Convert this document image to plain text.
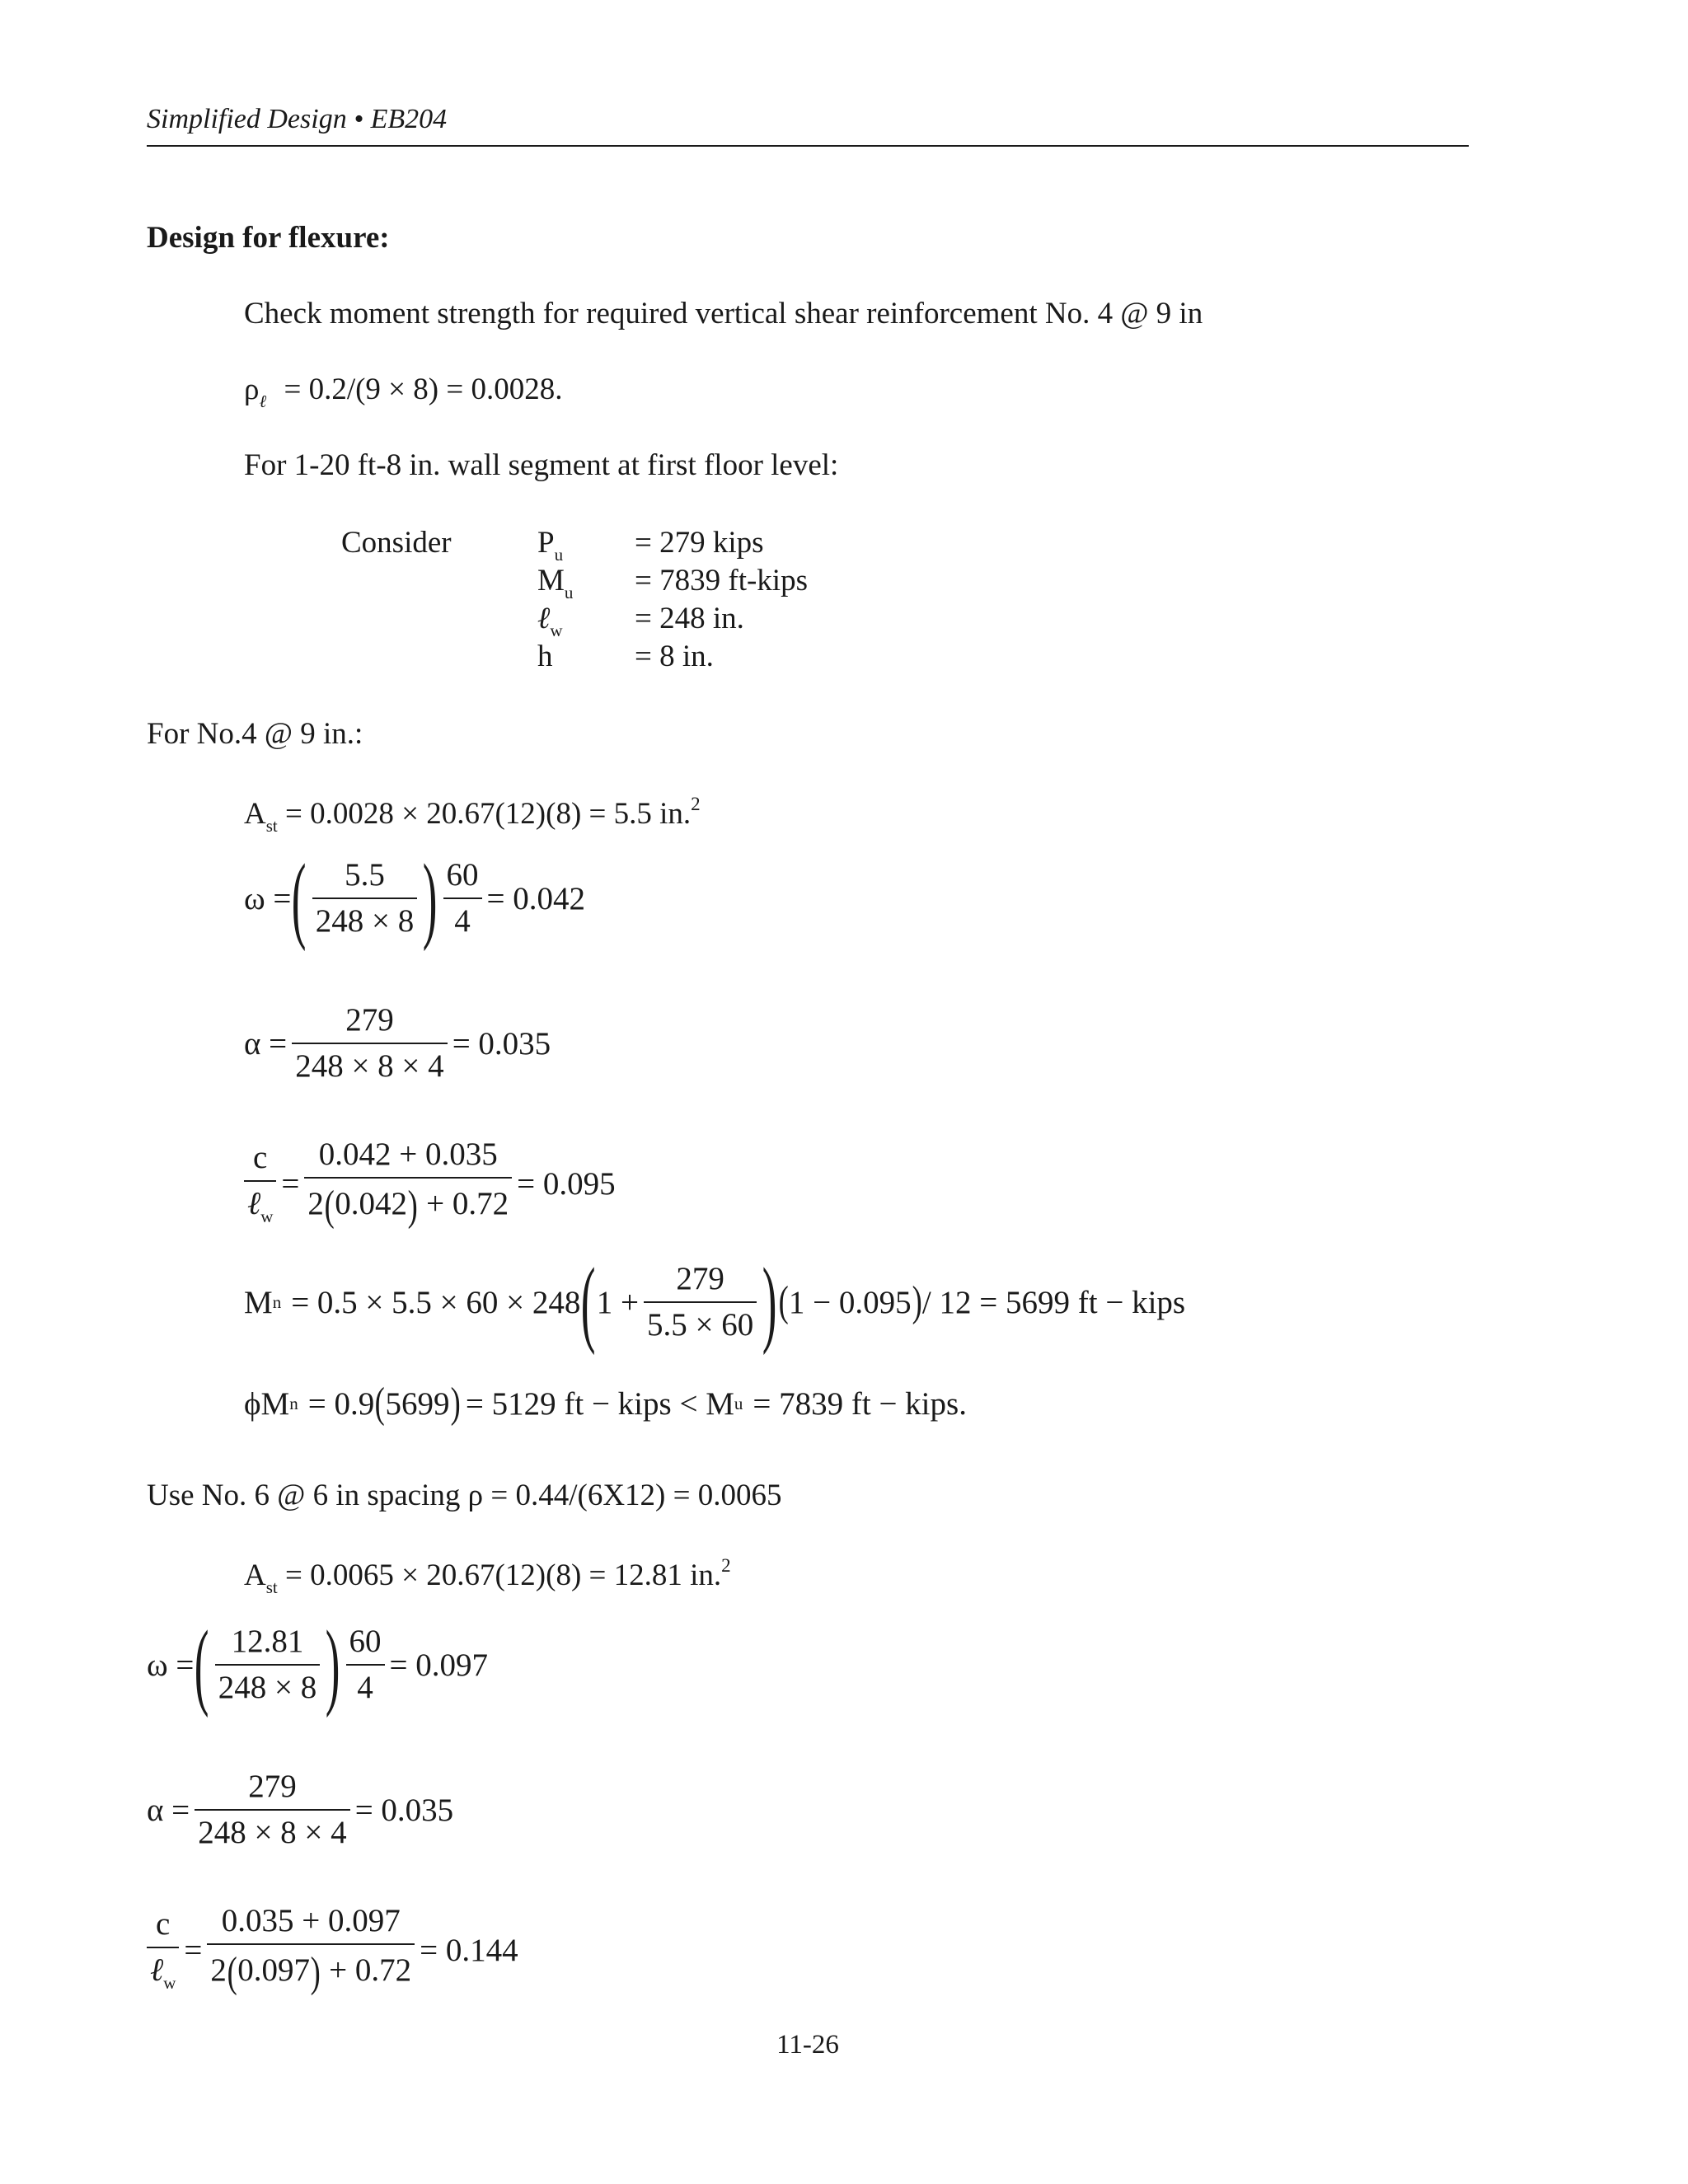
Simplified Design • EB204
Design for flexure:
Check moment strength for required vertical shear reinforcement No. 4 @ 9 in
$\rho_\ell = 0.2/(9 \times 8) = 0.0028$.
For 1-20 ft-8 in. wall segment at first floor level:
Consider	$P_u = 279$ kips
$M_u = 7839$ ft-kips
ℓ$_w$ = 248 in.
h	= 8 in.
For No.4 @ 9 in.:
$A_{st} = 0.0028 \times 20.67(12)(8) = 5.5$ in.$^2$
ω = ( $\frac{5.5}{248 \times 8}$ ) $\frac{60}{4} = 0.042$
$\alpha = \frac{279}{248 \times 8 \times 4} = 0.035$
$\frac{c}{\ell_w} = \frac{0.042 + 0.035}{2(0.042) + 0.72} = 0.095$
M n = 0.5 × 5.5 × 60 × 248 ( $1 + \frac{279}{5.5 \times 60}$ ) ( 1 − 0.095 ) / 12 = 5699 ft − kips
ϕM n = 0.9 ( 5699 ) = 5129 ft − kips < M u = 7839 ft − kips.
Use No. 6 @ 6 in spacing ρ = 0.44/(6X12) = 0.0065
$A_{st} = 0.0065 \times 20.67(12)(8) = 12.81$ in.$^2$
ω = ( $\frac{12.81}{248 \times 8}$ ) $\frac{60}{4} = 0.097$
$\alpha = \frac{279}{248 \times 8 \times 4} = 0.035$
$\frac{c}{\ell_w} = \frac{0.035 + 0.097}{2(0.097) + 0.72} = 0.144$
11-26
